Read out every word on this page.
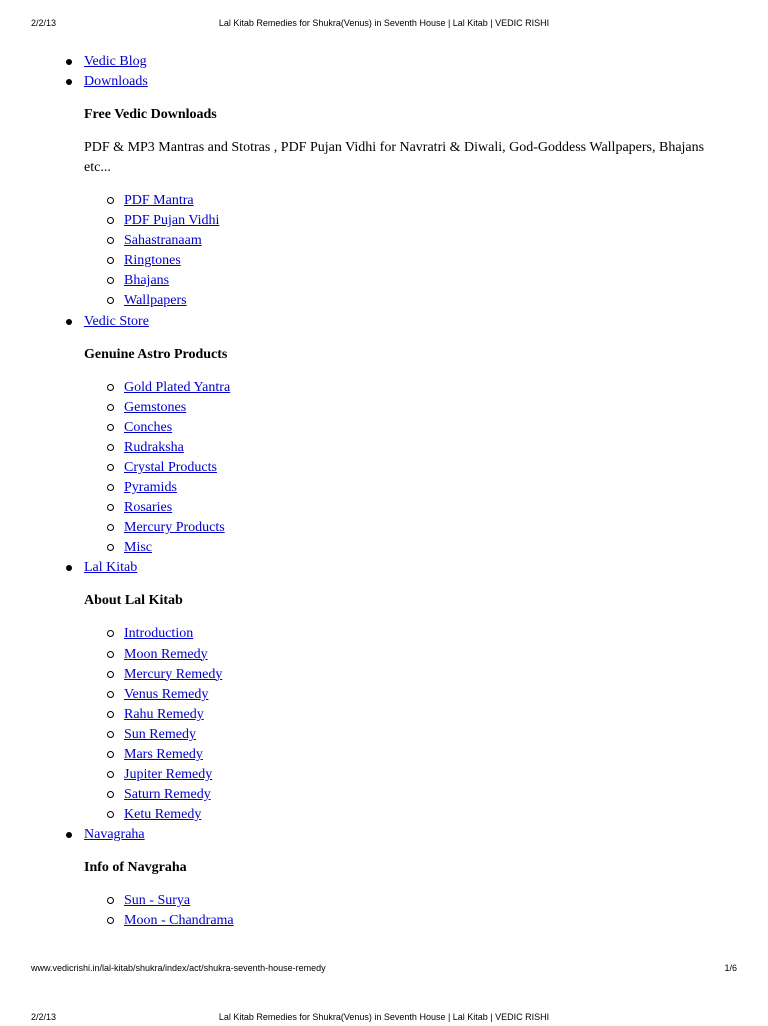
2/2/13	Lal Kitab Remedies for Shukra(Venus) in Seventh House | Lal Kitab | VEDIC RISHI
Vedic Blog
Downloads
Free Vedic Downloads
PDF & MP3 Mantras and Stotras , PDF Pujan Vidhi for Navratri & Diwali, God-Goddess Wallpapers, Bhajans etc...
PDF Mantra
PDF Pujan Vidhi
Sahastranaam
Ringtones
Bhajans
Wallpapers
Vedic Store
Genuine Astro Products
Gold Plated Yantra
Gemstones
Conches
Rudraksha
Crystal Products
Pyramids
Rosaries
Mercury Products
Misc
Lal Kitab
About Lal Kitab
Introduction
Moon Remedy
Mercury Remedy
Venus Remedy
Rahu Remedy
Sun Remedy
Mars Remedy
Jupiter Remedy
Saturn Remedy
Ketu Remedy
Navagraha
Info of Navgraha
Sun - Surya
Moon - Chandrama
www.vedicrishi.in/lal-kitab/shukra/index/act/shukra-seventh-house-remedy	1/6
2/2/13	Lal Kitab Remedies for Shukra(Venus) in Seventh House | Lal Kitab | VEDIC RISHI
